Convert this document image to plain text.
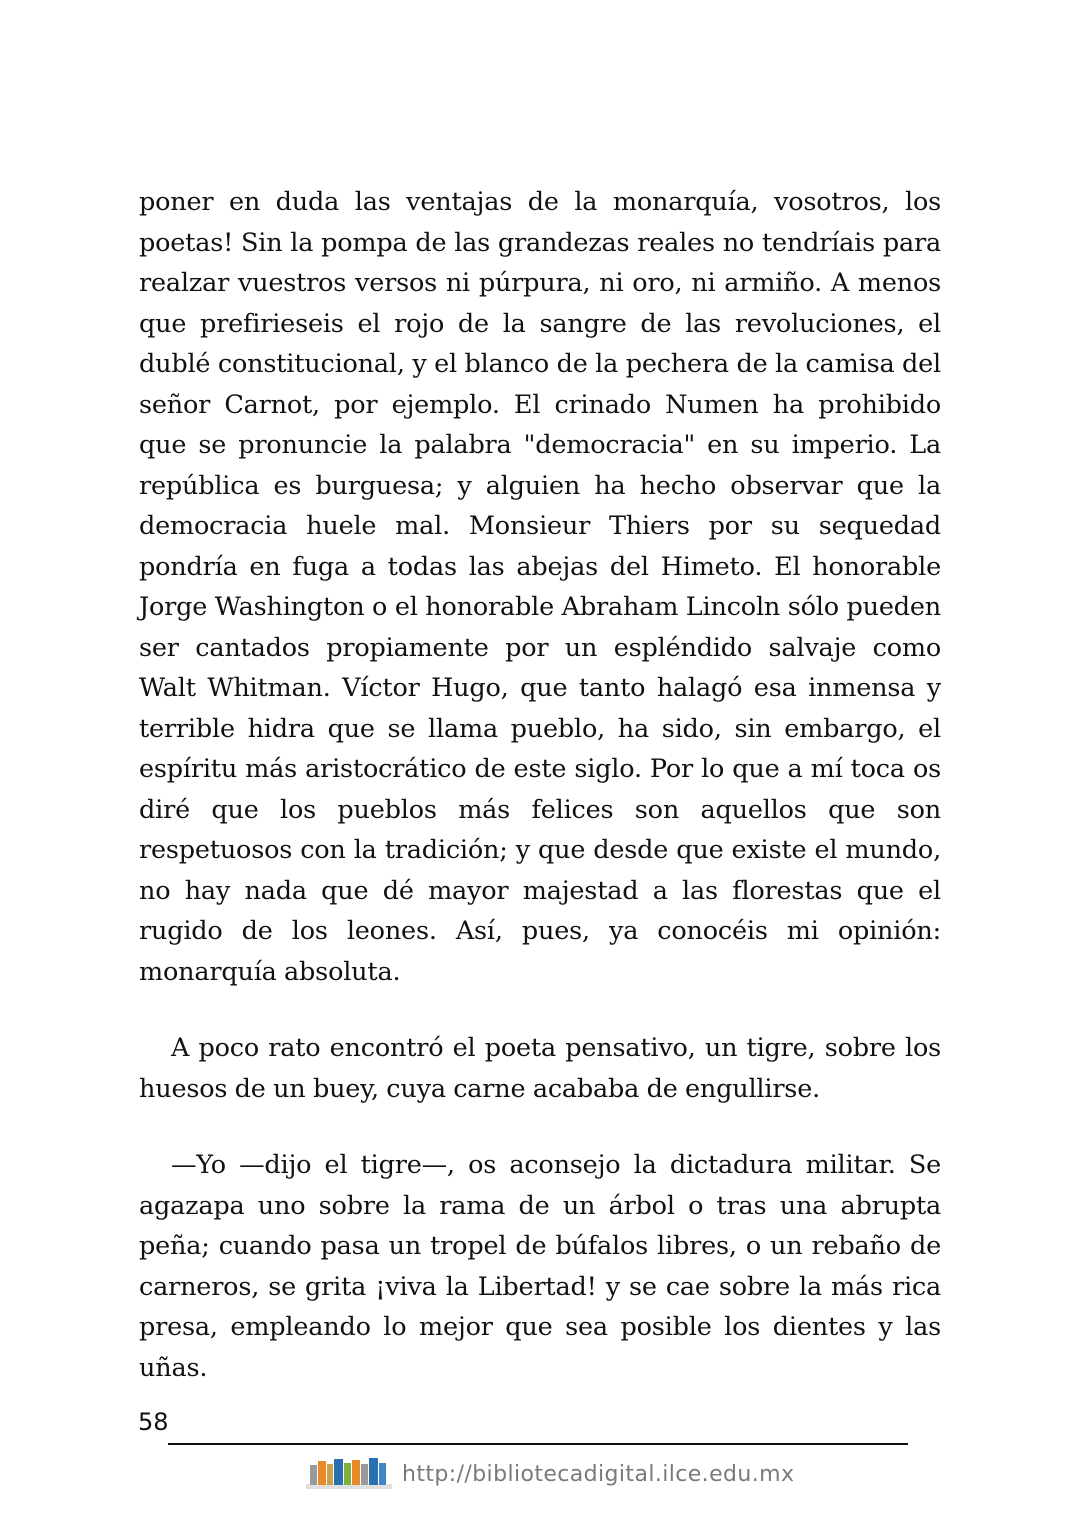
poner en duda las ventajas de la monarquía, vosotros, los poetas! Sin la pompa de las grandezas reales no tendríais para realzar vuestros versos ni púrpura, ni oro, ni armiño. A menos que prefirieseis el rojo de la sangre de las revoluciones, el dublé constitucional, y el blanco de la pechera de la camisa del señor Carnot, por ejemplo. El crinado Numen ha prohibido que se pronuncie la palabra "democracia" en su imperio. La república es burguesa; y alguien ha hecho observar que la democracia huele mal. Monsieur Thiers por su sequedad pondría en fuga a todas las abejas del Himeto. El honorable Jorge Washington o el honorable Abraham Lincoln sólo pueden ser cantados propiamente por un espléndido salvaje como Walt Whitman. Víctor Hugo, que tanto halagó esa inmensa y terrible hidra que se llama pueblo, ha sido, sin embargo, el espíritu más aristocrático de este siglo. Por lo que a mí toca os diré que los pueblos más felices son aquellos que son respetuosos con la tradición; y que desde que existe el mundo, no hay nada que dé mayor majestad a las florestas que el rugido de los leones. Así, pues, ya conocéis mi opinión: monarquía absoluta.

A poco rato encontró el poeta pensativo, un tigre, sobre los huesos de un buey, cuya carne acababa de engullirse.

—Yo —dijo el tigre—, os aconsejo la dictadura militar. Se agazapa uno sobre la rama de un árbol o tras una abrupta peña; cuando pasa un tropel de búfalos libres, o un rebaño de carneros, se grita ¡viva la Libertad! y se cae sobre la más rica presa, empleando lo mejor que sea posible los dientes y las uñas.

58
http://bibliotecadigital.ilce.edu.mx
